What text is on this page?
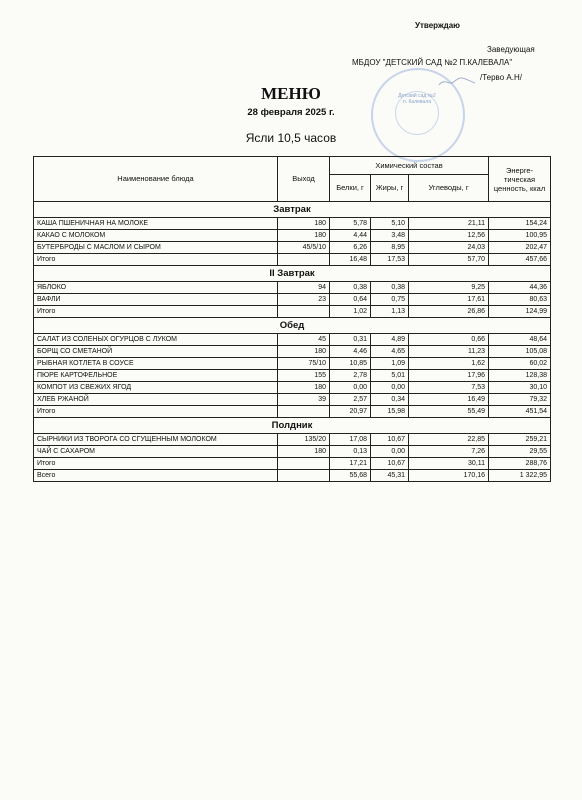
Утверждаю
Заведующая
МБДОУ "ДЕТСКИЙ САД №2 П.КАЛЕВАЛА"
/Терво А.Н/
Детский сад №2 п. Калевала
МЕНЮ
28 февраля 2025 г.
Ясли 10,5 часов
Наименование блюда	Выход	Химический состав			Энерге-тическая ценность, ккал
		Белки, г	Жиры, г	Углеводы, г	
Завтрак					
КАША ПШЕНИЧНАЯ НА МОЛОКЕ	180	5,78	5,10	21,11	154,24
КАКАО С МОЛОКОМ	180	4,44	3,48	12,56	100,95
БУТЕРБРОДЫ С МАСЛОМ И СЫРОМ	45/5/10	6,26	8,95	24,03	202,47
Итого		16,48	17,53	57,70	457,66
II Завтрак					
ЯБЛОКО	94	0,38	0,38	9,25	44,36
ВАФЛИ	23	0,64	0,75	17,61	80,63
Итого		1,02	1,13	26,86	124,99
Обед					
САЛАТ ИЗ СОЛЕНЫХ ОГУРЦОВ С ЛУКОМ	45	0,31	4,89	0,66	48,64
БОРЩ СО СМЕТАНОЙ	180	4,46	4,65	11,23	105,08
РЫБНАЯ КОТЛЕТА В СОУСЕ	75/10	10,85	1,09	1,62	60,02
ПЮРЕ КАРТОФЕЛЬНОЕ	155	2,78	5,01	17,96	128,38
КОМПОТ ИЗ СВЕЖИХ ЯГОД	180	0,00	0,00	7,53	30,10
ХЛЕБ РЖАНОЙ	39	2,57	0,34	16,49	79,32
Итого		20,97	15,98	55,49	451,54
Полдник					
СЫРНИКИ ИЗ ТВОРОГА СО СГУЩЕННЫМ МОЛОКОМ	135/20	17,08	10,67	22,85	259,21
ЧАЙ С САХАРОМ	180	0,13	0,00	7,26	29,55
Итого		17,21	10,67	30,11	288,76
Всего		55,68	45,31	170,16	1 322,95
